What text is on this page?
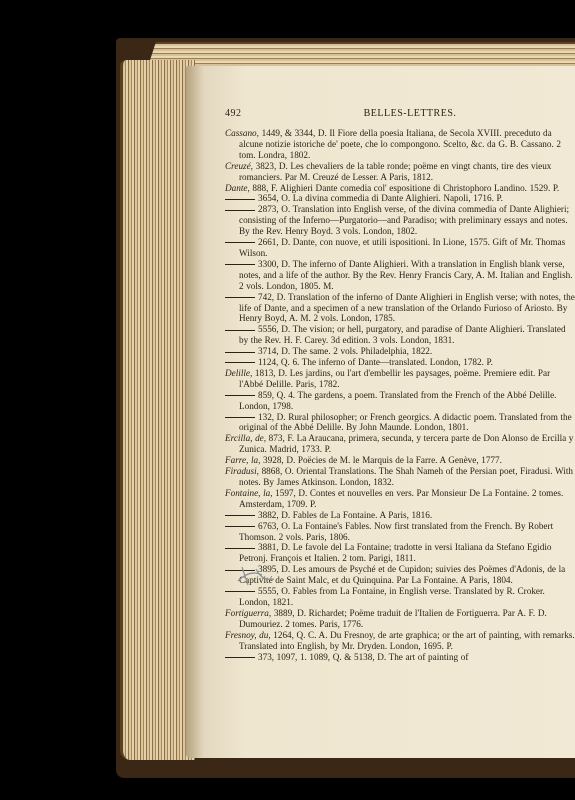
492	BELLES-LETTRES.
Cassano, 1449, & 3344, D. Il Fiore della poesia Italiana, de Secola XVIII. preceduto da alcune notizie istoriche de' poete, che lo compongono. Scelto, &c. da G. B. Cassano. 2 tom. Londra, 1802.
Creuzé, 3823, D. Les chevaliers de la table ronde; poëme en vingt chants, tire des vieux romanciers. Par M. Creuzé de Lesser. A Paris, 1812.
Dante, 888, F. Alighieri Dante comedia col' espositione di Christophoro Landino. 1529. P.
3654, O. La divina commedia di Dante Alighieri. Napoli, 1716. P.
2873, O. Translation into English verse, of the divina commedia of Dante Alighieri; consisting of the Inferno—Purgatorio—and Paradiso; with preliminary essays and notes. By the Rev. Henry Boyd. 3 vols. London, 1802.
2661, D. Dante, con nuove, et utili ispositioni. In Lione, 1575. Gift of Mr. Thomas Wilson.
3300, D. The inferno of Dante Alighieri. With a translation in English blank verse, notes, and a life of the author. By the Rev. Henry Francis Cary, A. M. Italian and English. 2 vols. London, 1805. M.
742, D. Translation of the inferno of Dante Alighieri in English verse; with notes, the life of Dante, and a specimen of a new translation of the Orlando Furioso of Ariosto. By Henry Boyd, A. M. 2 vols. London, 1785.
5556, D. The vision; or hell, purgatory, and paradise of Dante Alighieri. Translated by the Rev. H. F. Carey. 3d edition. 3 vols. London, 1831.
3714, D. The same. 2 vols. Philadelphia, 1822.
1124, Q. 6. The inferno of Dante—translated. London, 1782. P.
Delille, 1813, D. Les jardins, ou l'art d'embellir les paysages, poëme. Premiere edit. Par l'Abbé Delille. Paris, 1782.
859, Q. 4. The gardens, a poem. Translated from the French of the Abbé Delille. London, 1798.
132, D. Rural philosopher; or French georgics. A didactic poem. Translated from the original of the Abbé Delille. By John Maunde. London, 1801.
Ercilla, de, 873, F. La Araucana, primera, secunda, y tercera parte de Don Alonso de Ercilla y Zunica. Madrid, 1733. P.
Farre, la, 3928, D. Poëcies de M. le Marquis de la Farre. A Genève, 1777.
Firadusi, 8868, O. Oriental Translations. The Shah Nameh of the Persian poet, Firadusi. With notes. By James Atkinson. London, 1832.
Fontaine, la, 1597, D. Contes et nouvelles en vers. Par Monsieur De La Fontaine. 2 tomes. Amsterdam, 1709. P.
3882, D. Fables de La Fontaine. A Paris, 1816.
6763, O. La Fontaine's Fables. Now first translated from the French. By Robert Thomson. 2 vols. Paris, 1806.
3881, D. Le favole del La Fontaine; tradotte in versi Italiana da Stefano Egidio Petronj. François et Italien. 2 tom. Parigi, 1811.
3895, D. Les amours de Psyché et de Cupidon; suivies des Poëmes d'Adonis, de la Captivité de Saint Malc, et du Quinquina. Par La Fontaine. A Paris, 1804.
5555, O. Fables from La Fontaine, in English verse. Translated by R. Croker. London, 1821.
Fortiguerra, 3889, D. Richardet; Poëme traduit de l'Italien de Fortiguerra. Par A. F. D. Dumouriez. 2 tomes. Paris, 1776.
Fresnoy, du, 1264, Q. C. A. Du Fresnoy, de arte graphica; or the art of painting, with remarks. Translated into English, by Mr. Dryden. London, 1695. P.
373, 1097, 1. 1089, Q. & 5138, D. The art of painting of
